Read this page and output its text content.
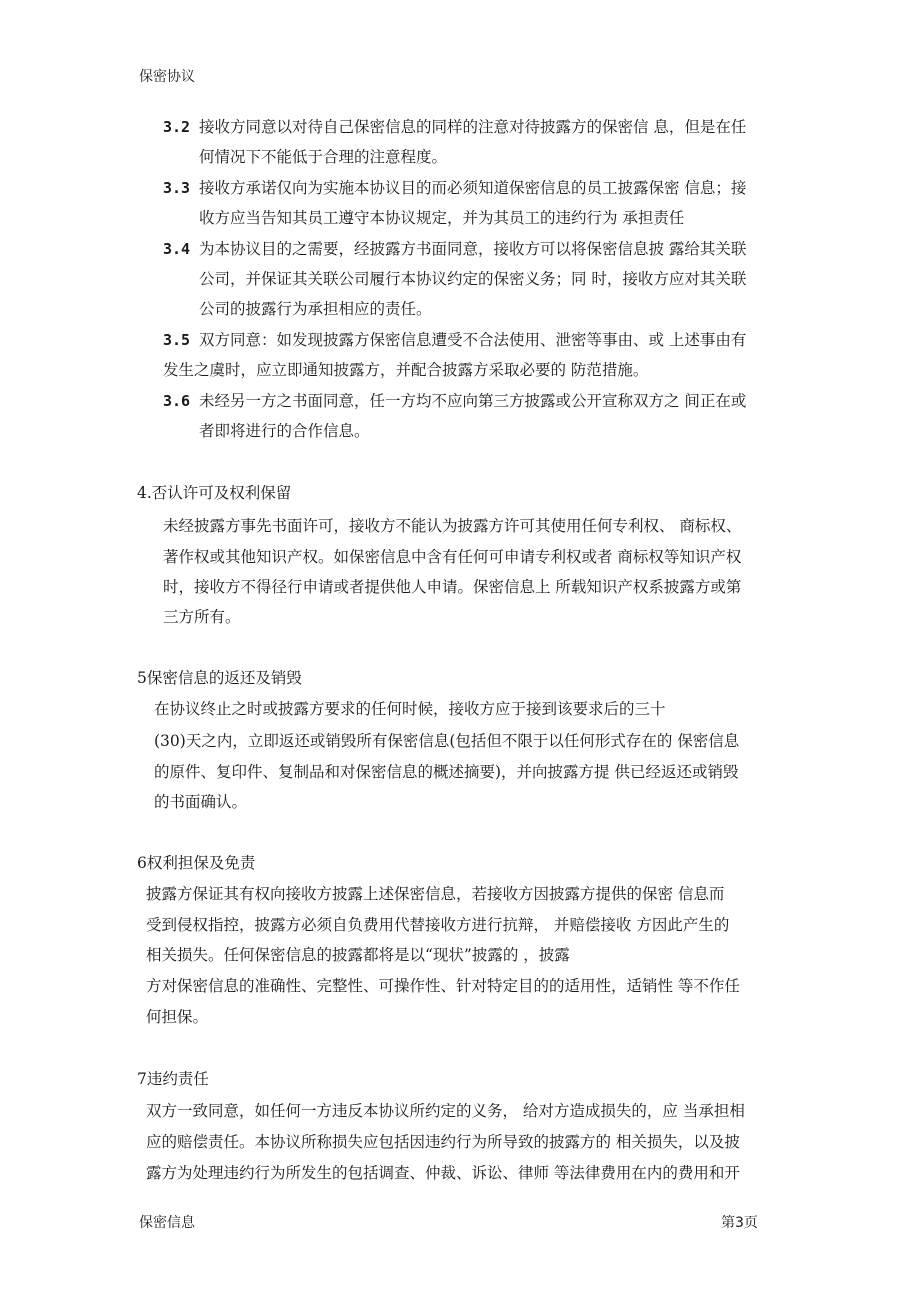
保密协议
3.2 接收方同意以对待自己保密信息的同样的注意对待披露方的保密信 息，但是在任
何情况下不能低于合理的注意程度。
3.3 接收方承诺仅向为实施本协议目的而必须知道保密信息的员工披露保密 信息；接
收方应当告知其员工遵守本协议规定，并为其员工的违约行为 承担责任
3.4 为本协议目的之需要，经披露方书面同意，接收方可以将保密信息披 露给其关联
公司，并保证其关联公司履行本协议约定的保密义务；同 时，接收方应对其关联
公司的披露行为承担相应的责任。
3.5 双方同意：如发现披露方保密信息遭受不合法使用、泄密等事由、或 上述事由有
发生之虞时，应立即通知披露方，并配合披露方采取必要的 防范措施。
3.6 未经另一方之书面同意，任一方均不应向第三方披露或公开宣称双方之 间正在或
者即将进行的合作信息。
4.否认许可及权利保留
未经披露方事先书面许可，接收方不能认为披露方许可其使用任何专利权、 商标权、
著作权或其他知识产权。如保密信息中含有任何可申请专利权或者 商标权等知识产权
时，接收方不得径行申请或者提供他人申请。保密信息上 所载知识产权系披露方或第
三方所有。
5保密信息的返还及销毁
在协议终止之时或披露方要求的任何时候，接收方应于接到该要求后的三十
(30)天之内，立即返还或销毁所有保密信息(包括但不限于以任何形式存在的 保密信息
的原件、复印件、复制品和对保密信息的概述摘要)，并向披露方提 供已经返还或销毁
的书面确认。
6权利担保及免责
披露方保证其有权向接收方披露上述保密信息，若接收方因披露方提供的保密 信息而
受到侵权指控，披露方必须自负费用代替接收方进行抗辩， 并赔偿接收 方因此产生的
相关损失。任何保密信息的披露都将是以“现状”披露的 ，披露
方对保密信息的准确性、完整性、可操作性、针对特定目的的适用性，适销性 等不作任
何担保。
7违约责任
双方一致同意，如任何一方违反本协议所约定的义务， 给对方造成损失的，应 当承担相
应的赔偿责任。本协议所称损失应包括因违约行为所导致的披露方的 相关损失，以及披
露方为处理违约行为所发生的包括调查、仲裁、诉讼、律师 等法律费用在内的费用和开
保密信息	第3页
